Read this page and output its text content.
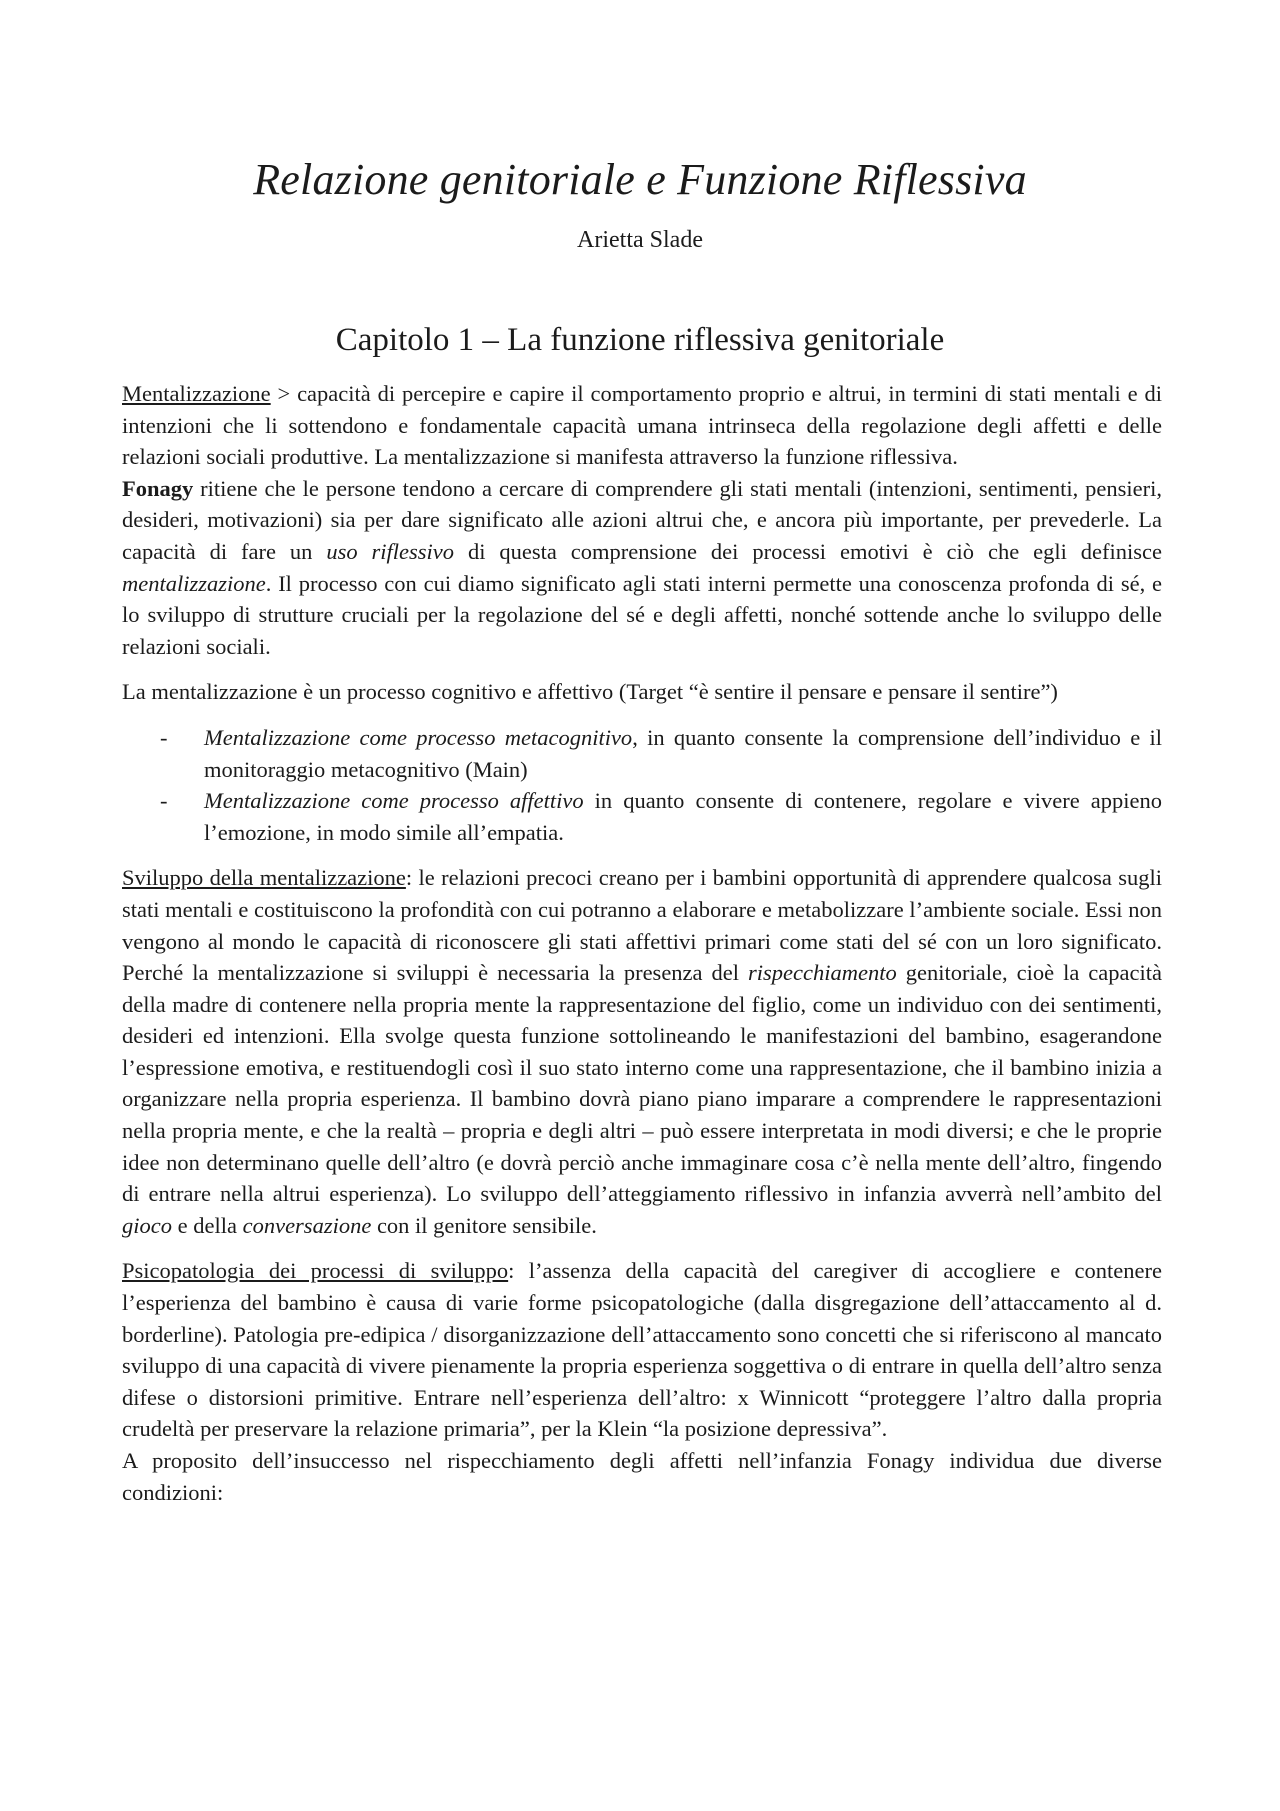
Relazione genitoriale e Funzione Riflessiva

Arietta Slade

Capitolo 1 – La funzione riflessiva genitoriale

Mentalizzazione > capacità di percepire e capire il comportamento proprio e altrui, in termini di stati mentali e di intenzioni che li sottendono e fondamentale capacità umana intrinseca della regolazione degli affetti e delle relazioni sociali produttive. La mentalizzazione si manifesta attraverso la funzione riflessiva.

Fonagy ritiene che le persone tendono a cercare di comprendere gli stati mentali (intenzioni, sentimenti, pensieri, desideri, motivazioni) sia per dare significato alle azioni altrui che, e ancora più importante, per prevederle. La capacità di fare un uso riflessivo di questa comprensione dei processi emotivi è ciò che egli definisce mentalizzazione. Il processo con cui diamo significato agli stati interni permette una conoscenza profonda di sé, e lo sviluppo di strutture cruciali per la regolazione del sé e degli affetti, nonché sottende anche lo sviluppo delle relazioni sociali.

La mentalizzazione è un processo cognitivo e affettivo (Target “è sentire il pensare e pensare il sentire”)

- Mentalizzazione come processo metacognitivo, in quanto consente la comprensione dell’individuo e il monitoraggio metacognitivo (Main)
- Mentalizzazione come processo affettivo in quanto consente di contenere, regolare e vivere appieno l’emozione, in modo simile all’empatia.

Sviluppo della mentalizzazione: le relazioni precoci creano per i bambini opportunità di apprendere qualcosa sugli stati mentali e costituiscono la profondità con cui potranno a elaborare e metabolizzare l’ambiente sociale. Essi non vengono al mondo le capacità di riconoscere gli stati affettivi primari come stati del sé con un loro significato. Perché la mentalizzazione si sviluppi è necessaria la presenza del rispecchiamento genitoriale, cioè la capacità della madre di contenere nella propria mente la rappresentazione del figlio, come un individuo con dei sentimenti, desideri ed intenzioni. Ella svolge questa funzione sottolineando le manifestazioni del bambino, esagerandone l’espressione emotiva, e restituendogli così il suo stato interno come una rappresentazione, che il bambino inizia a organizzare nella propria esperienza. Il bambino dovrà piano piano imparare a comprendere le rappresentazioni nella propria mente, e che la realtà – propria e degli altri – può essere interpretata in modi diversi; e che le proprie idee non determinano quelle dell’altro (e dovrà perciò anche immaginare cosa c’è nella mente dell’altro, fingendo di entrare nella altrui esperienza). Lo sviluppo dell’atteggiamento riflessivo in infanzia avverrà nell’ambito del gioco e della conversazione con il genitore sensibile.

Psicopatologia dei processi di sviluppo: l’assenza della capacità del caregiver di accogliere e contenere l’esperienza del bambino è causa di varie forme psicopatologiche (dalla disgregazione dell’attaccamento al d. borderline). Patologia pre-edipica / disorganizzazione dell’attaccamento sono concetti che si riferiscono al mancato sviluppo di una capacità di vivere pienamente la propria esperienza soggettiva o di entrare in quella dell’altro senza difese o distorsioni primitive. Entrare nell’esperienza dell’altro: x Winnicott “proteggere l’altro dalla propria crudeltà per preservare la relazione primaria”, per la Klein “la posizione depressiva”.

A proposito dell’insuccesso nel rispecchiamento degli affetti nell’infanzia Fonagy individua due diverse condizioni:
